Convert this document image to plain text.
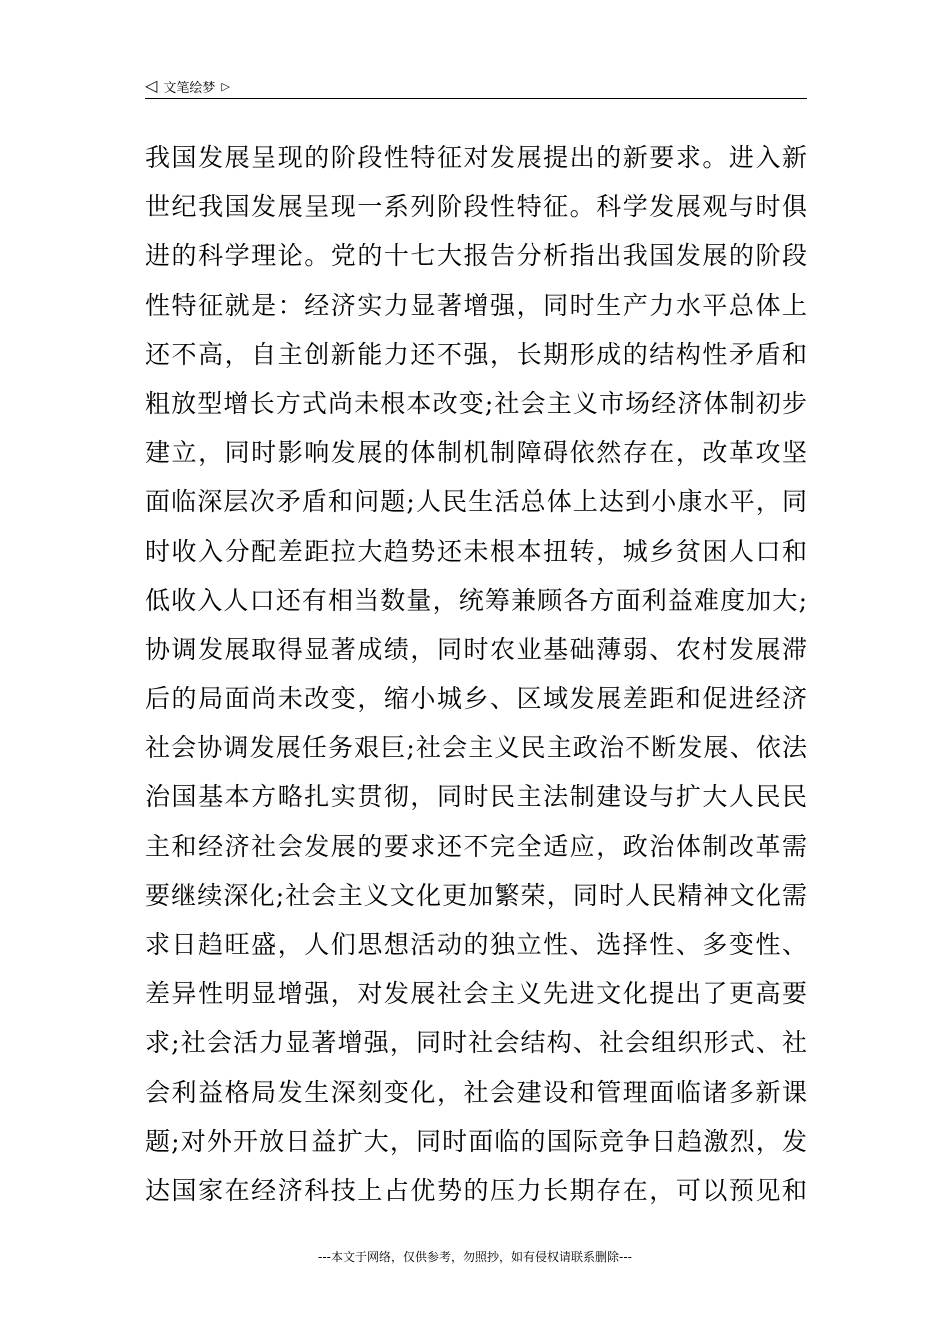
◁ 文笔绘梦 ▷
我国发展呈现的阶段性特征对发展提出的新要求。进入新
世纪我国发展呈现一系列阶段性特征。科学发展观与时俱
进的科学理论。党的十七大报告分析指出我国发展的阶段
性特征就是：经济实力显著增强，同时生产力水平总体上
还不高，自主创新能力还不强，长期形成的结构性矛盾和
粗放型增长方式尚未根本改变;社会主义市场经济体制初步
建立，同时影响发展的体制机制障碍依然存在，改革攻坚
面临深层次矛盾和问题;人民生活总体上达到小康水平，同
时收入分配差距拉大趋势还未根本扭转，城乡贫困人口和
低收入人口还有相当数量，统筹兼顾各方面利益难度加大;
协调发展取得显著成绩，同时农业基础薄弱、农村发展滞
后的局面尚未改变，缩小城乡、区域发展差距和促进经济
社会协调发展任务艰巨;社会主义民主政治不断发展、依法
治国基本方略扎实贯彻，同时民主法制建设与扩大人民民
主和经济社会发展的要求还不完全适应，政治体制改革需
要继续深化;社会主义文化更加繁荣，同时人民精神文化需
求日趋旺盛，人们思想活动的独立性、选择性、多变性、
差异性明显增强，对发展社会主义先进文化提出了更高要
求;社会活力显著增强，同时社会结构、社会组织形式、社
会利益格局发生深刻变化，社会建设和管理面临诸多新课
题;对外开放日益扩大，同时面临的国际竞争日趋激烈，发
达国家在经济科技上占优势的压力长期存在，可以预见和
---本文于网络，仅供参考，勿照抄，如有侵权请联系删除---
